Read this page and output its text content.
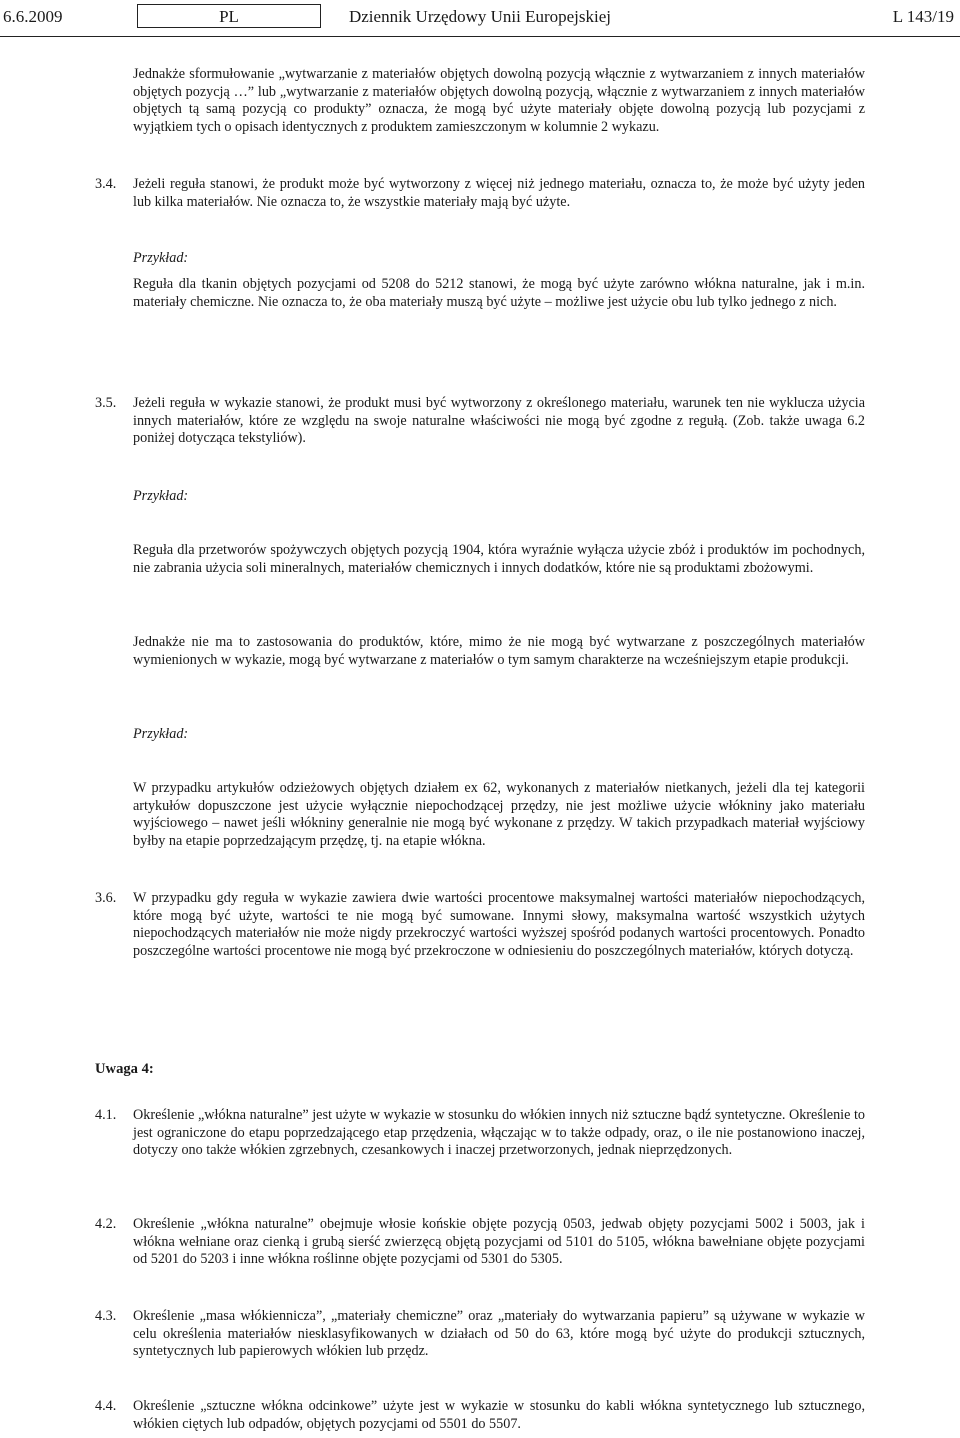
6.6.2009	PL	Dziennik Urzędowy Unii Europejskiej	L 143/19
Jednakże sformułowanie „wytwarzanie z materiałów objętych dowolną pozycją włącznie z wytwarzaniem z innych materiałów objętych pozycją …” lub „wytwarzanie z materiałów objętych dowolną pozycją, włącznie z wytwarzaniem z innych materiałów objętych tą samą pozycją co produkty” oznacza, że mogą być użyte materiały objęte dowolną pozycją lub pozycjami z wyjątkiem tych o opisach identycznych z produktem zamieszczonym w kolumnie 2 wykazu.
3.4. Jeżeli reguła stanowi, że produkt może być wytworzony z więcej niż jednego materiału, oznacza to, że może być użyty jeden lub kilka materiałów. Nie oznacza to, że wszystkie materiały mają być użyte.
Przykład:
Reguła dla tkanin objętych pozycjami od 5208 do 5212 stanowi, że mogą być użyte zarówno włókna naturalne, jak i m.in. materiały chemiczne. Nie oznacza to, że oba materiały muszą być użyte – możliwe jest użycie obu lub tylko jednego z nich.
3.5. Jeżeli reguła w wykazie stanowi, że produkt musi być wytworzony z określonego materiału, warunek ten nie wyklucza użycia innych materiałów, które ze względu na swoje naturalne właściwości nie mogą być zgodne z regułą. (Zob. także uwaga 6.2 poniżej dotycząca tekstyliów).
Przykład:
Reguła dla przetworów spożywczych objętych pozycją 1904, która wyraźnie wyłącza użycie zbóż i produktów im pochodnych, nie zabrania użycia soli mineralnych, materiałów chemicznych i innych dodatków, które nie są produktami zbożowymi.
Jednakże nie ma to zastosowania do produktów, które, mimo że nie mogą być wytwarzane z poszczególnych materiałów wymienionych w wykazie, mogą być wytwarzane z materiałów o tym samym charakterze na wcześniejszym etapie produkcji.
Przykład:
W przypadku artykułów odzieżowych objętych działem ex 62, wykonanych z materiałów nietkanych, jeżeli dla tej kategorii artykułów dopuszczone jest użycie wyłącznie niepochodzącej przędzy, nie jest możliwe użycie włókniny jako materiału wyjściowego – nawet jeśli włókniny generalnie nie mogą być wykonane z przędzy. W takich przypadkach materiał wyjściowy byłby na etapie poprzedzającym przędzę, tj. na etapie włókna.
3.6. W przypadku gdy reguła w wykazie zawiera dwie wartości procentowe maksymalnej wartości materiałów niepochodzących, które mogą być użyte, wartości te nie mogą być sumowane. Innymi słowy, maksymalna wartość wszystkich użytych niepochodzących materiałów nie może nigdy przekroczyć wartości wyższej spośród podanych wartości procentowych. Ponadto poszczególne wartości procentowe nie mogą być przekroczone w odniesieniu do poszczególnych materiałów, których dotyczą.
Uwaga 4:
4.1. Określenie „włókna naturalne” jest użyte w wykazie w stosunku do włókien innych niż sztuczne bądź syntetyczne. Określenie to jest ograniczone do etapu poprzedzającego etap przędzenia, włączając w to także odpady, oraz, o ile nie postanowiono inaczej, dotyczy ono także włókien zgrzebnych, czesankowych i inaczej przetworzonych, jednak nieprzędzonych.
4.2. Określenie „włókna naturalne” obejmuje włosie końskie objęte pozycją 0503, jedwab objęty pozycjami 5002 i 5003, jak i włókna wełniane oraz cienką i grubą sierść zwierzęcą objętą pozycjami od 5101 do 5105, włókna bawełniane objęte pozycjami od 5201 do 5203 i inne włókna roślinne objęte pozycjami od 5301 do 5305.
4.3. Określenie „masa włókiennicza”, „materiały chemiczne” oraz „materiały do wytwarzania papieru” są używane w wykazie w celu określenia materiałów niesklasyfikowanych w działach od 50 do 63, które mogą być użyte do produkcji sztucznych, syntetycznych lub papierowych włókien lub przędz.
4.4. Określenie „sztuczne włókna odcinkowe” użyte jest w wykazie w stosunku do kabli włókna syntetycznego lub sztucznego, włókien ciętych lub odpadów, objętych pozycjami od 5501 do 5507.
